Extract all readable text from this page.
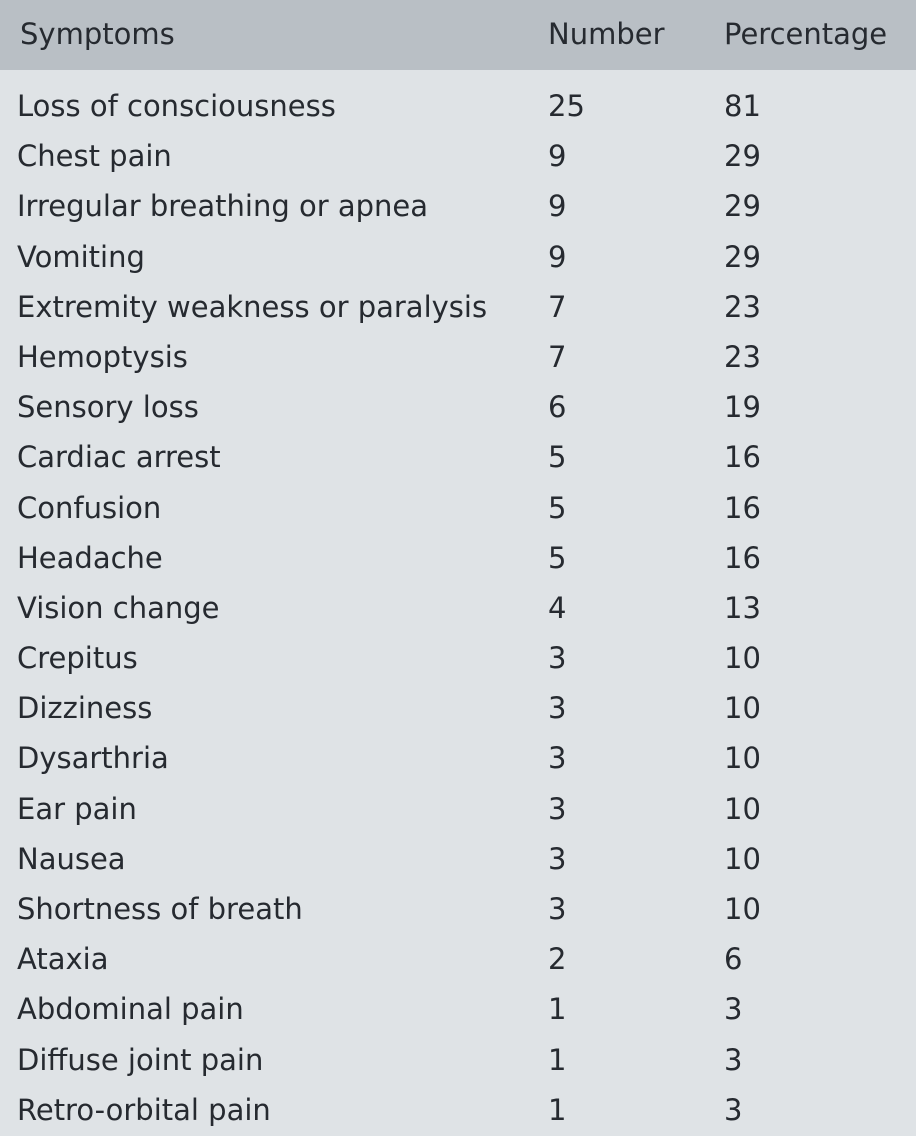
Symptoms	Number Percentage
Loss of consciousness	25	81
Chest pain	9	29
Irregular breathing or apnea	9	29
Vomiting	9	29
Extremity weakness or paralysis 7	23
Hemoptysis	7	23
Sensory loss	6	19
Cardiac arrest	5	16
Confusion	5	16
Headache	5	16
Vision change	4	13
Crepitus	3	10
Dizziness	3	10
Dysarthria	3	10
Ear pain	3	10
Nausea	3	10
Shortness of breath	3	10
Ataxia	2	6
Abdominal pain	1	3
Diffuse joint pain	1	3
Retro-orbital pain	1	3
